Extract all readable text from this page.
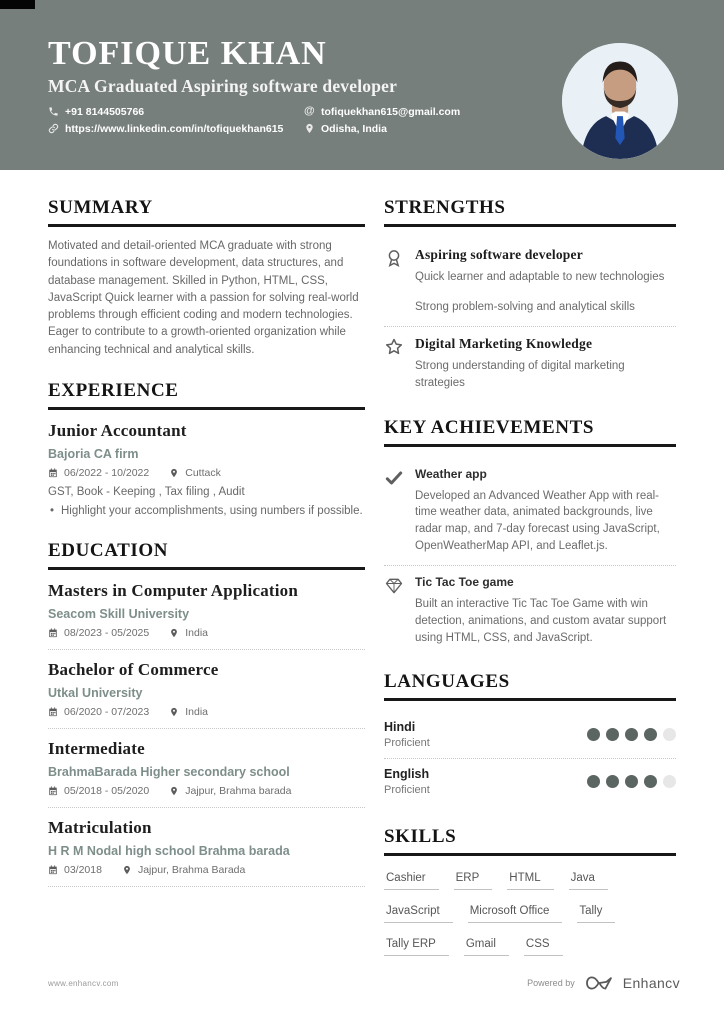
TOFIQUE KHAN
MCA Graduated Aspiring software developer
+91 8144505766	@ tofiquekhan615@gmail.com
https://www.linkedin.com/in/tofiquekhan615	Odisha, India
SUMMARY
Motivated and detail-oriented MCA graduate with strong foundations in software development, data structures, and database management. Skilled in Python, HTML, CSS, JavaScript Quick learner with a passion for solving real-world problems through efficient coding and modern technologies. Eager to contribute to a growth-oriented organization while enhancing technical and analytical skills.
EXPERIENCE
Junior Accountant
Bajoria CA firm
06/2022 - 10/2022	Cuttack
GST, Book - Keeping , Tax filing , Audit
• Highlight your accomplishments, using numbers if possible.
EDUCATION
Masters in Computer Application
Seacom Skill University
08/2023 - 05/2025	India
Bachelor of Commerce
Utkal University
06/2020 - 07/2023	India
Intermediate
BrahmaBarada Higher secondary school
05/2018 - 05/2020	Jajpur, Brahma barada
Matriculation
H R M Nodal high school Brahma barada
03/2018	Jajpur, Brahma Barada
STRENGTHS
Aspiring software developer
Quick learner and adaptable to new technologies
Strong problem-solving and analytical skills
Digital Marketing Knowledge
Strong understanding of digital marketing strategies
KEY ACHIEVEMENTS
Weather app
Developed an Advanced Weather App with real-time weather data, animated backgrounds, live radar map, and 7-day forecast using JavaScript, OpenWeatherMap API, and Leaflet.js.
Tic Tac Toe game
Built an interactive Tic Tac Toe Game with win detection, animations, and custom avatar support using HTML, CSS, and JavaScript.
LANGUAGES
Hindi
Proficient
English
Proficient
SKILLS
Cashier	ERP	HTML	Java
JavaScript	Microsoft Office	Tally
Tally ERP	Gmail	CSS
www.enhancv.com	Powered by	Enhancv
